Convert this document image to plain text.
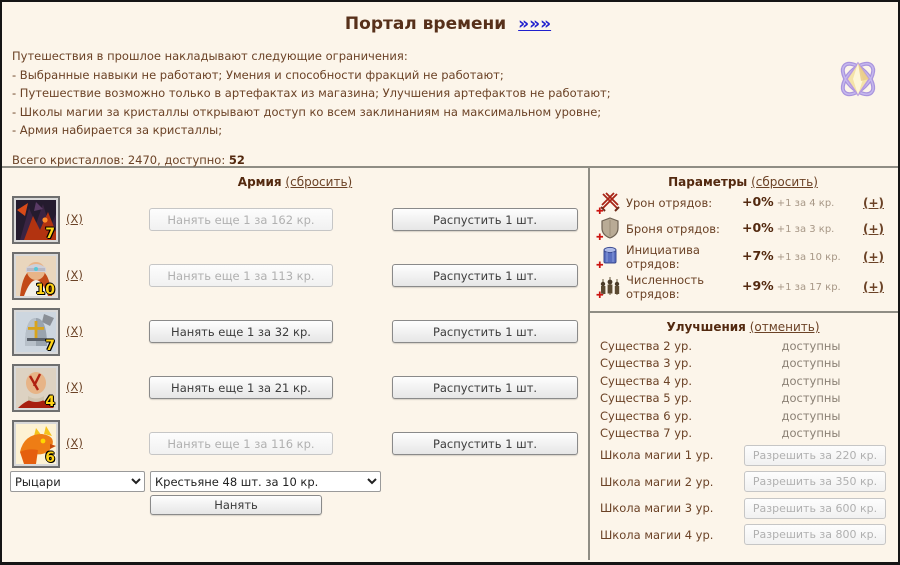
Портал времени »»»
Путешествия в прошлое накладывают следующие ограничения:
- Выбранные навыки не работают; Умения и способности фракций не работают;
- Путешествие возможно только в артефактах из магазина; Улучшения артефактов не работают;
- Школы магии за кристаллы открывают доступ ко всем заклинаниям на максимальном уровне;
- Армия набирается за кристаллы;
Всего кристаллов: 2470, доступно: 52
Армия (сбросить)
7
(X)	Нанять еще 1 за 162 кр.	Распустить 1 шт.
10
(X)	Нанять еще 1 за 113 кр.	Распустить 1 шт.
7
(X)	Нанять еще 1 за 32 кр.	Распустить 1 шт.
4
(X)	Нанять еще 1 за 21 кр.	Распустить 1 шт.
6
(X)	Нанять еще 1 за 116 кр.	Распустить 1 шт.
Рыцари
Крестьяне 48 шт. за 10 кр.
Нанять
Параметры (сбросить)
✚
Урон отрядов:	+0% +1 за 4 кр.	(+)
✚
Броня отрядов:	+0% +1 за 3 кр.	(+)
✚
Инициатива отрядов:
+7% +1 за 10 кр.	(+)
✚
Численность отрядов:
+9% +1 за 17 кр.	(+)
Улучшения (отменить)
Существа 2 ур.	доступны
Существа 3 ур.	доступны
Существа 4 ур.	доступны
Существа 5 ур.	доступны
Существа 6 ур.	доступны
Существа 7 ур.	доступны
Школа магии 1 ур.	Разрешить за 220 кр.
Школа магии 2 ур.	Разрешить за 350 кр.
Школа магии 3 ур.	Разрешить за 600 кр.
Школа магии 4 ур.	Разрешить за 800 кр.
